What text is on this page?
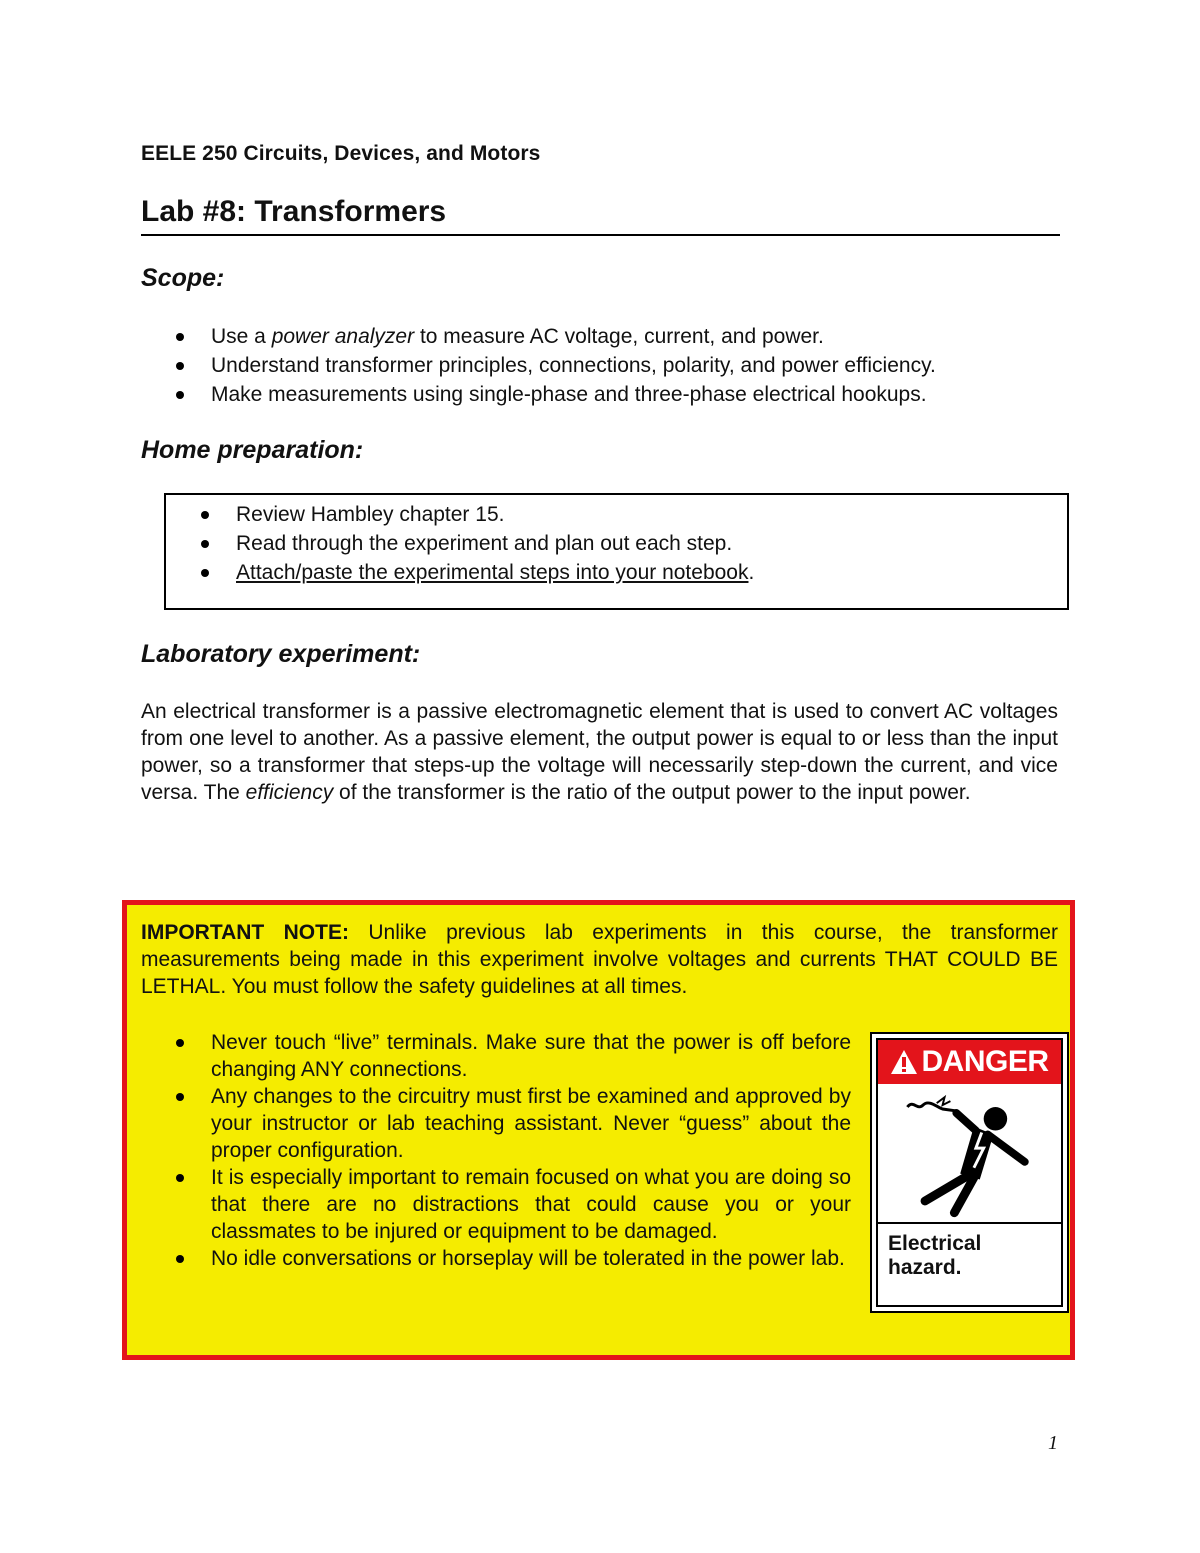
EELE 250 Circuits, Devices, and Motors
Lab #8: Transformers
Scope:
Use a power analyzer to measure AC voltage, current, and power.
Understand transformer principles, connections, polarity, and power efficiency.
Make measurements using single-phase and three-phase electrical hookups.
Home preparation:
Review Hambley chapter 15.
Read through the experiment and plan out each step.
Attach/paste the experimental steps into your notebook.
Laboratory experiment:

An electrical transformer is a passive electromagnetic element that is used to convert AC voltages from one level to another. As a passive element, the output power is equal to or less than the input power, so a transformer that steps-up the voltage will necessarily step-down the current, and vice versa. The efficiency of the transformer is the ratio of the output power to the input power.

IMPORTANT NOTE: Unlike previous lab experiments in this course, the transformer measurements being made in this experiment involve voltages and currents THAT COULD BE LETHAL. You must follow the safety guidelines at all times.

Never touch “live” terminals. Make sure that the power is off before changing ANY connections.
Any changes to the circuitry must first be examined and approved by your instructor or lab teaching assistant. Never “guess” about the proper configuration.
It is especially important to remain focused on what you are doing so that there are no distractions that could cause you or your classmates to be injured or equipment to be damaged.
No idle conversations or horseplay will be tolerated in the power lab.
DANGER
Electrical
hazard.
1
